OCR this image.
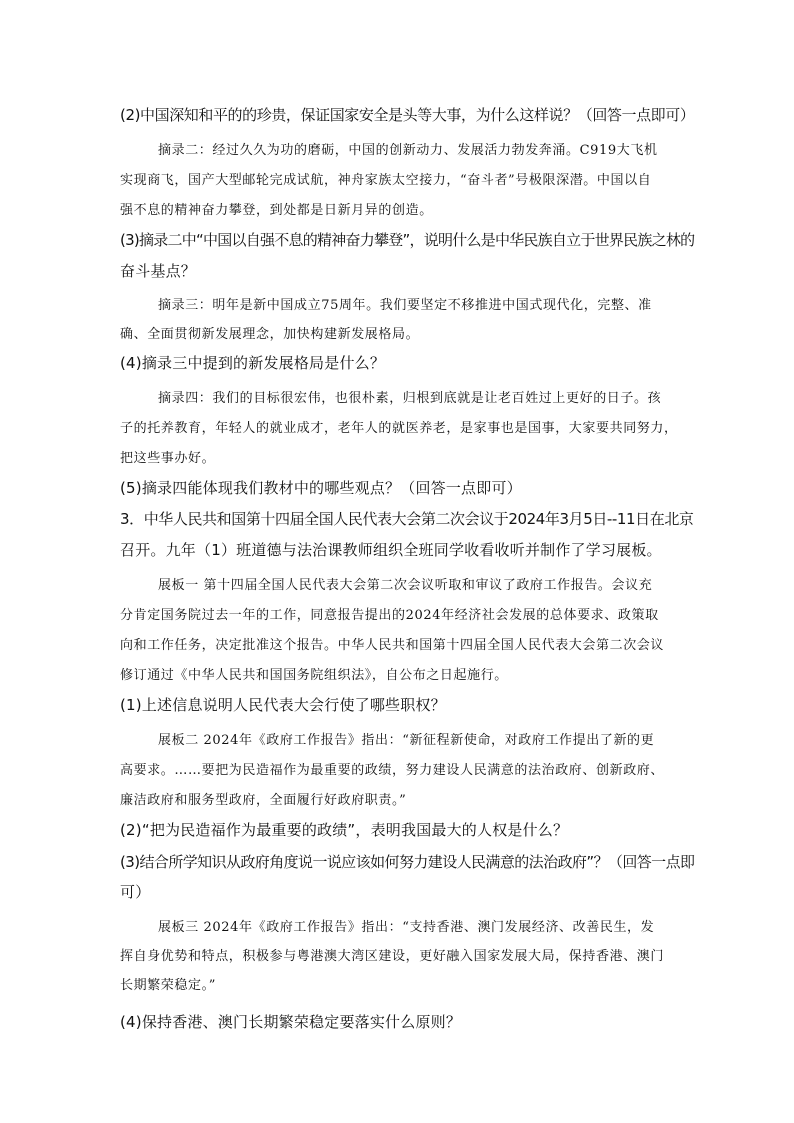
(2)中国深知和平的的珍贵，保证国家安全是头等大事，为什么这样说？（回答一点即可）
摘录二：经过久久为功的磨砺，中国的创新动力、发展活力勃发奔涌。C919大飞机
实现商飞，国产大型邮轮完成试航，神舟家族太空接力，“奋斗者”号极限深潜。中国以自
强不息的精神奋力攀登，到处都是日新月异的创造。
(3)摘录二中“中国以自强不息的精神奋力攀登”，说明什么是中华民族自立于世界民族之林的
奋斗基点？
摘录三：明年是新中国成立75周年。我们要坚定不移推进中国式现代化，完整、准
确、全面贯彻新发展理念，加快构建新发展格局。
(4)摘录三中提到的新发展格局是什么？
摘录四：我们的目标很宏伟，也很朴素，归根到底就是让老百姓过上更好的日子。孩
子的托养教育，年轻人的就业成才，老年人的就医养老，是家事也是国事，大家要共同努力，
把这些事办好。
(5)摘录四能体现我们教材中的哪些观点？（回答一点即可）
3．中华人民共和国第十四届全国人民代表大会第二次会议于2024年3月5日--11日在北京
召开。九年（1）班道德与法治课教师组织全班同学收看收听并制作了学习展板。
展板一 第十四届全国人民代表大会第二次会议听取和审议了政府工作报告。会议充
分肯定国务院过去一年的工作，同意报告提出的2024年经济社会发展的总体要求、政策取
向和工作任务，决定批准这个报告。中华人民共和国第十四届全国人民代表大会第二次会议
修订通过《中华人民共和国国务院组织法》，自公布之日起施行。
(1)上述信息说明人民代表大会行使了哪些职权？
展板二 2024年《政府工作报告》指出：“新征程新使命，对政府工作提出了新的更
高要求。……要把为民造福作为最重要的政绩，努力建设人民满意的法治政府、创新政府、
廉洁政府和服务型政府，全面履行好政府职责。”
(2)“把为民造福作为最重要的政绩”，表明我国最大的人权是什么？
(3)结合所学知识从政府角度说一说应该如何努力建设人民满意的法治政府”？（回答一点即
可）
展板三 2024年《政府工作报告》指出：“支持香港、澳门发展经济、改善民生，发
挥自身优势和特点，积极参与粤港澳大湾区建设，更好融入国家发展大局，保持香港、澳门
长期繁荣稳定。”
(4)保持香港、澳门长期繁荣稳定要落实什么原则？
